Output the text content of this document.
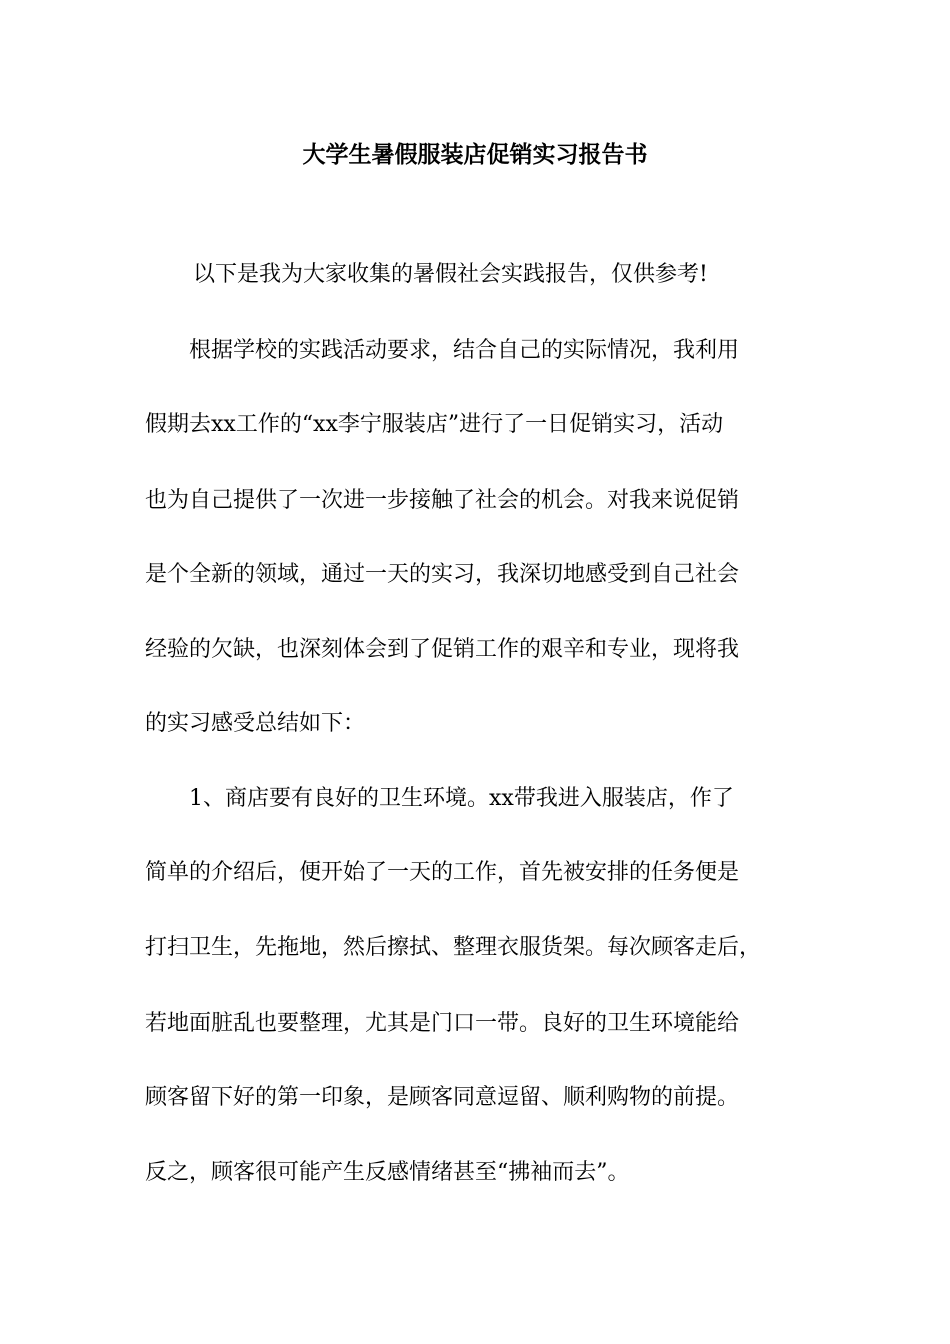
大学生暑假服装店促销实习报告书
以下是我为大家收集的暑假社会实践报告，仅供参考!
　　根据学校的实践活动要求，结合自己的实际情况，我利用
假期去xx工作的“xx李宁服装店”进行了一日促销实习，活动
也为自己提供了一次进一步接触了社会的机会。对我来说促销
是个全新的领域，通过一天的实习，我深切地感受到自己社会
经验的欠缺，也深刻体会到了促销工作的艰辛和专业，现将我
的实习感受总结如下：
　　1、商店要有良好的卫生环境。xx带我进入服装店，作了
简单的介绍后，便开始了一天的工作，首先被安排的任务便是
打扫卫生，先拖地，然后擦拭、整理衣服货架。每次顾客走后，
若地面脏乱也要整理，尤其是门口一带。良好的卫生环境能给
顾客留下好的第一印象，是顾客同意逗留、顺利购物的前提。
反之，顾客很可能产生反感情绪甚至“拂袖而去”。
